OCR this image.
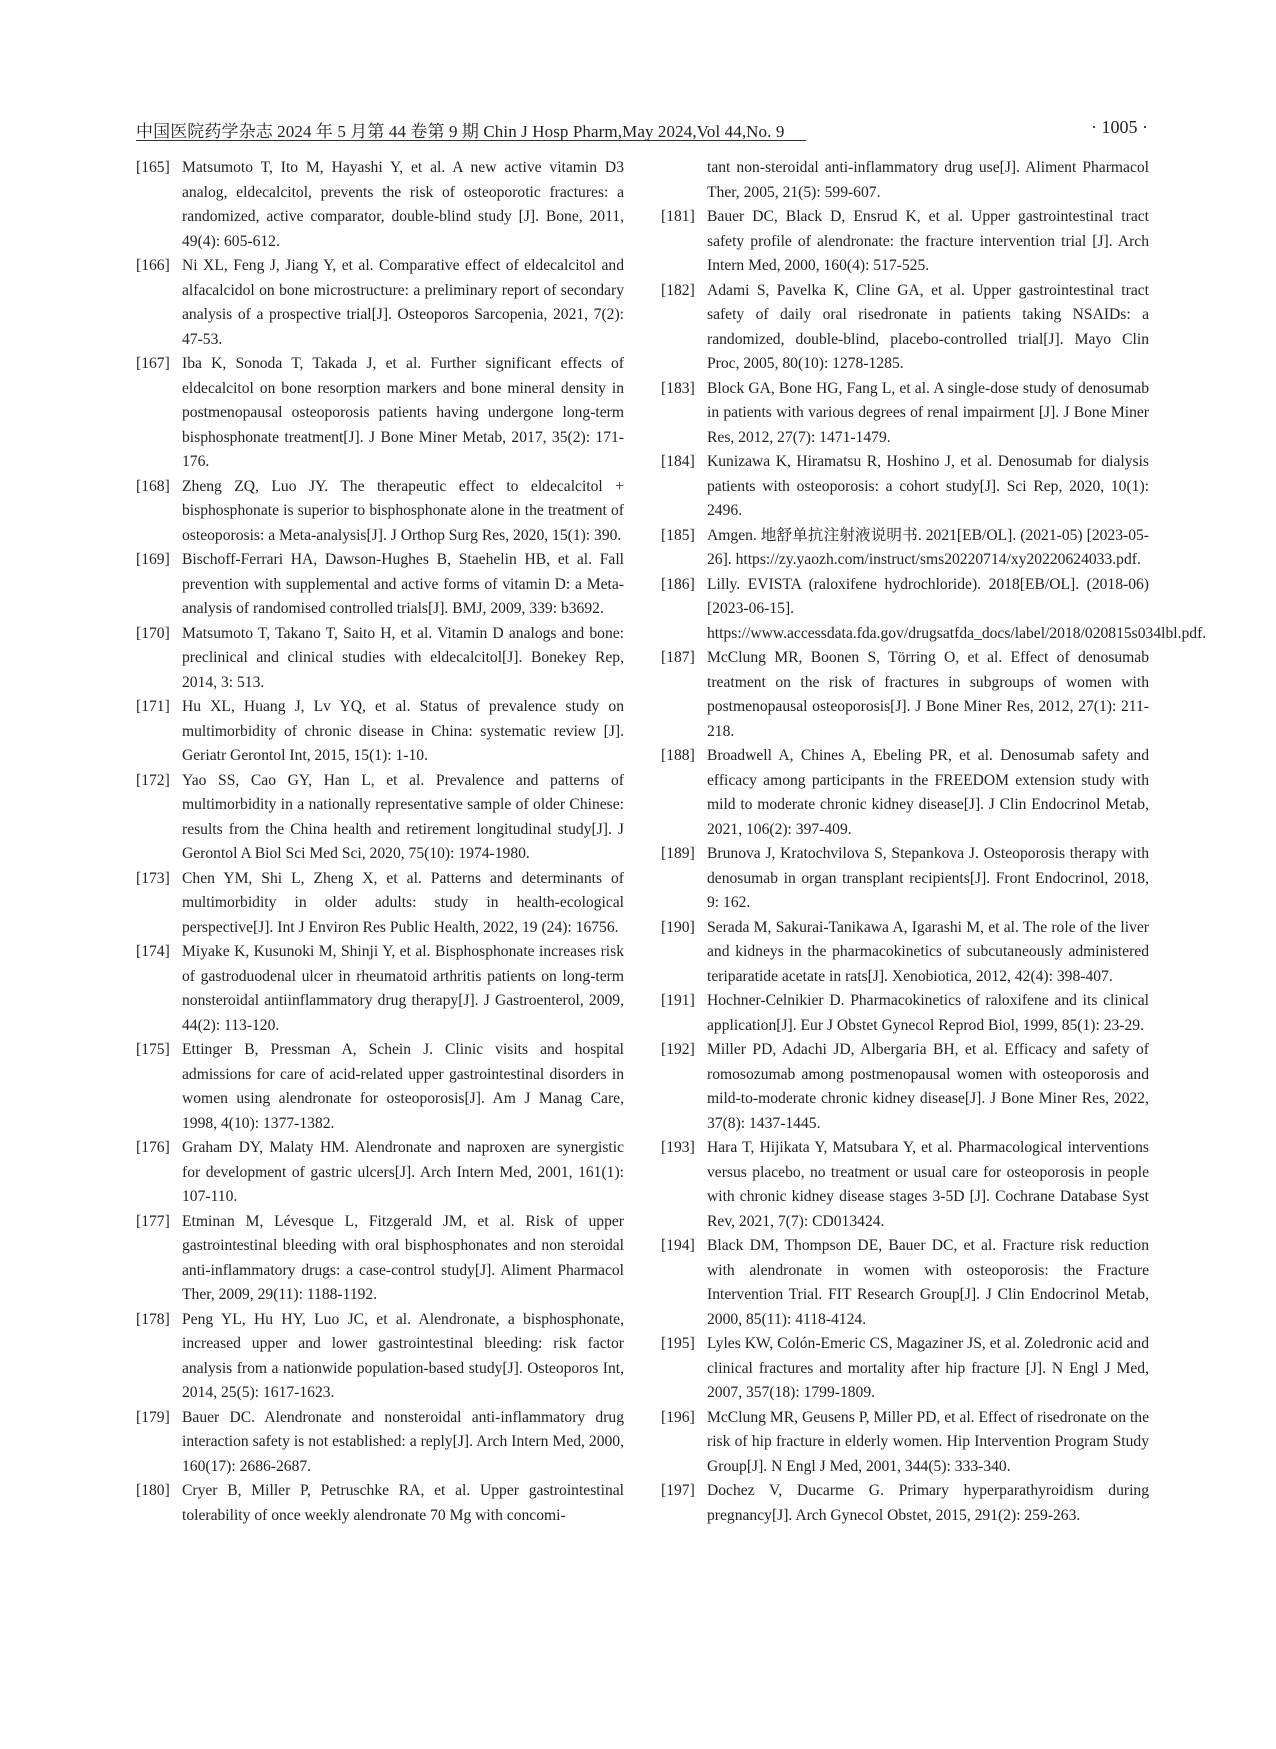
中国医院药学杂志 2024 年 5 月第 44 卷第 9 期 Chin J Hosp Pharm,May 2024,Vol 44,No. 9	· 1005 ·
[165] Matsumoto T, Ito M, Hayashi Y, et al. A new active vitamin D3 analog, eldecalcitol, prevents the risk of osteoporotic fractures: a randomized, active comparator, double-blind study [J]. Bone, 2011, 49(4): 605-612.
[166] Ni XL, Feng J, Jiang Y, et al. Comparative effect of eldecalcitol and alfacalcidol on bone microstructure: a preliminary report of secondary analysis of a prospective trial[J]. Osteoporos Sarcopenia, 2021, 7(2): 47-53.
[167] Iba K, Sonoda T, Takada J, et al. Further significant effects of eldecalcitol on bone resorption markers and bone mineral density in postmenopausal osteoporosis patients having undergone long-term bisphosphonate treatment[J]. J Bone Miner Metab, 2017, 35(2): 171-176.
[168] Zheng ZQ, Luo JY. The therapeutic effect to eldecalcitol + bisphosphonate is superior to bisphosphonate alone in the treatment of osteoporosis: a Meta-analysis[J]. J Orthop Surg Res, 2020, 15(1): 390.
[169] Bischoff-Ferrari HA, Dawson-Hughes B, Staehelin HB, et al. Fall prevention with supplemental and active forms of vitamin D: a Meta-analysis of randomised controlled trials[J]. BMJ, 2009, 339: b3692.
[170] Matsumoto T, Takano T, Saito H, et al. Vitamin D analogs and bone: preclinical and clinical studies with eldecalcitol[J]. Bonekey Rep, 2014, 3: 513.
[171] Hu XL, Huang J, Lv YQ, et al. Status of prevalence study on multimorbidity of chronic disease in China: systematic review [J]. Geriatr Gerontol Int, 2015, 15(1): 1-10.
[172] Yao SS, Cao GY, Han L, et al. Prevalence and patterns of multimorbidity in a nationally representative sample of older Chinese: results from the China health and retirement longitudinal study[J]. J Gerontol A Biol Sci Med Sci, 2020, 75(10): 1974-1980.
[173] Chen YM, Shi L, Zheng X, et al. Patterns and determinants of multimorbidity in older adults: study in health-ecological perspective[J]. Int J Environ Res Public Health, 2022, 19 (24): 16756.
[174] Miyake K, Kusunoki M, Shinji Y, et al. Bisphosphonate increases risk of gastroduodenal ulcer in rheumatoid arthritis patients on long-term nonsteroidal antiinflammatory drug therapy[J]. J Gastroenterol, 2009, 44(2): 113-120.
[175] Ettinger B, Pressman A, Schein J. Clinic visits and hospital admissions for care of acid-related upper gastrointestinal disorders in women using alendronate for osteoporosis[J]. Am J Manag Care, 1998, 4(10): 1377-1382.
[176] Graham DY, Malaty HM. Alendronate and naproxen are synergistic for development of gastric ulcers[J]. Arch Intern Med, 2001, 161(1): 107-110.
[177] Etminan M, Lévesque L, Fitzgerald JM, et al. Risk of upper gastrointestinal bleeding with oral bisphosphonates and non steroidal anti-inflammatory drugs: a case-control study[J]. Aliment Pharmacol Ther, 2009, 29(11): 1188-1192.
[178] Peng YL, Hu HY, Luo JC, et al. Alendronate, a bisphosphonate, increased upper and lower gastrointestinal bleeding: risk factor analysis from a nationwide population-based study[J]. Osteoporos Int, 2014, 25(5): 1617-1623.
[179] Bauer DC. Alendronate and nonsteroidal anti-inflammatory drug interaction safety is not established: a reply[J]. Arch Intern Med, 2000, 160(17): 2686-2687.
[180] Cryer B, Miller P, Petruschke RA, et al. Upper gastrointestinal tolerability of once weekly alendronate 70 Mg with concomi-
tant non-steroidal anti-inflammatory drug use[J]. Aliment Pharmacol Ther, 2005, 21(5): 599-607.
[181] Bauer DC, Black D, Ensrud K, et al. Upper gastrointestinal tract safety profile of alendronate: the fracture intervention trial [J]. Arch Intern Med, 2000, 160(4): 517-525.
[182] Adami S, Pavelka K, Cline GA, et al. Upper gastrointestinal tract safety of daily oral risedronate in patients taking NSAIDs: a randomized, double-blind, placebo-controlled trial[J]. Mayo Clin Proc, 2005, 80(10): 1278-1285.
[183] Block GA, Bone HG, Fang L, et al. A single-dose study of denosumab in patients with various degrees of renal impairment [J]. J Bone Miner Res, 2012, 27(7): 1471-1479.
[184] Kunizawa K, Hiramatsu R, Hoshino J, et al. Denosumab for dialysis patients with osteoporosis: a cohort study[J]. Sci Rep, 2020, 10(1): 2496.
[185] Amgen. 地舒单抗注射液说明书. 2021[EB/OL]. (2021-05) [2023-05-26]. https://zy.yaozh.com/instruct/sms20220714/xy20220624033.pdf.
[186] Lilly. EVISTA (raloxifene hydrochloride). 2018[EB/OL]. (2018-06)[2023-06-15]. https://www.accessdata.fda.gov/drugsatfda_docs/label/2018/020815s034lbl.pdf.
[187] McClung MR, Boonen S, Törring O, et al. Effect of denosumab treatment on the risk of fractures in subgroups of women with postmenopausal osteoporosis[J]. J Bone Miner Res, 2012, 27(1): 211-218.
[188] Broadwell A, Chines A, Ebeling PR, et al. Denosumab safety and efficacy among participants in the FREEDOM extension study with mild to moderate chronic kidney disease[J]. J Clin Endocrinol Metab, 2021, 106(2): 397-409.
[189] Brunova J, Kratochvilova S, Stepankova J. Osteoporosis therapy with denosumab in organ transplant recipients[J]. Front Endocrinol, 2018, 9: 162.
[190] Serada M, Sakurai-Tanikawa A, Igarashi M, et al. The role of the liver and kidneys in the pharmacokinetics of subcutaneously administered teriparatide acetate in rats[J]. Xenobiotica, 2012, 42(4): 398-407.
[191] Hochner-Celnikier D. Pharmacokinetics of raloxifene and its clinical application[J]. Eur J Obstet Gynecol Reprod Biol, 1999, 85(1): 23-29.
[192] Miller PD, Adachi JD, Albergaria BH, et al. Efficacy and safety of romosozumab among postmenopausal women with osteoporosis and mild-to-moderate chronic kidney disease[J]. J Bone Miner Res, 2022, 37(8): 1437-1445.
[193] Hara T, Hijikata Y, Matsubara Y, et al. Pharmacological interventions versus placebo, no treatment or usual care for osteoporosis in people with chronic kidney disease stages 3-5D [J]. Cochrane Database Syst Rev, 2021, 7(7): CD013424.
[194] Black DM, Thompson DE, Bauer DC, et al. Fracture risk reduction with alendronate in women with osteoporosis: the Fracture Intervention Trial. FIT Research Group[J]. J Clin Endocrinol Metab, 2000, 85(11): 4118-4124.
[195] Lyles KW, Colón-Emeric CS, Magaziner JS, et al. Zoledronic acid and clinical fractures and mortality after hip fracture [J]. N Engl J Med, 2007, 357(18): 1799-1809.
[196] McClung MR, Geusens P, Miller PD, et al. Effect of risedronate on the risk of hip fracture in elderly women. Hip Intervention Program Study Group[J]. N Engl J Med, 2001, 344(5): 333-340.
[197] Dochez V, Ducarme G. Primary hyperparathyroidism during pregnancy[J]. Arch Gynecol Obstet, 2015, 291(2): 259-263.
